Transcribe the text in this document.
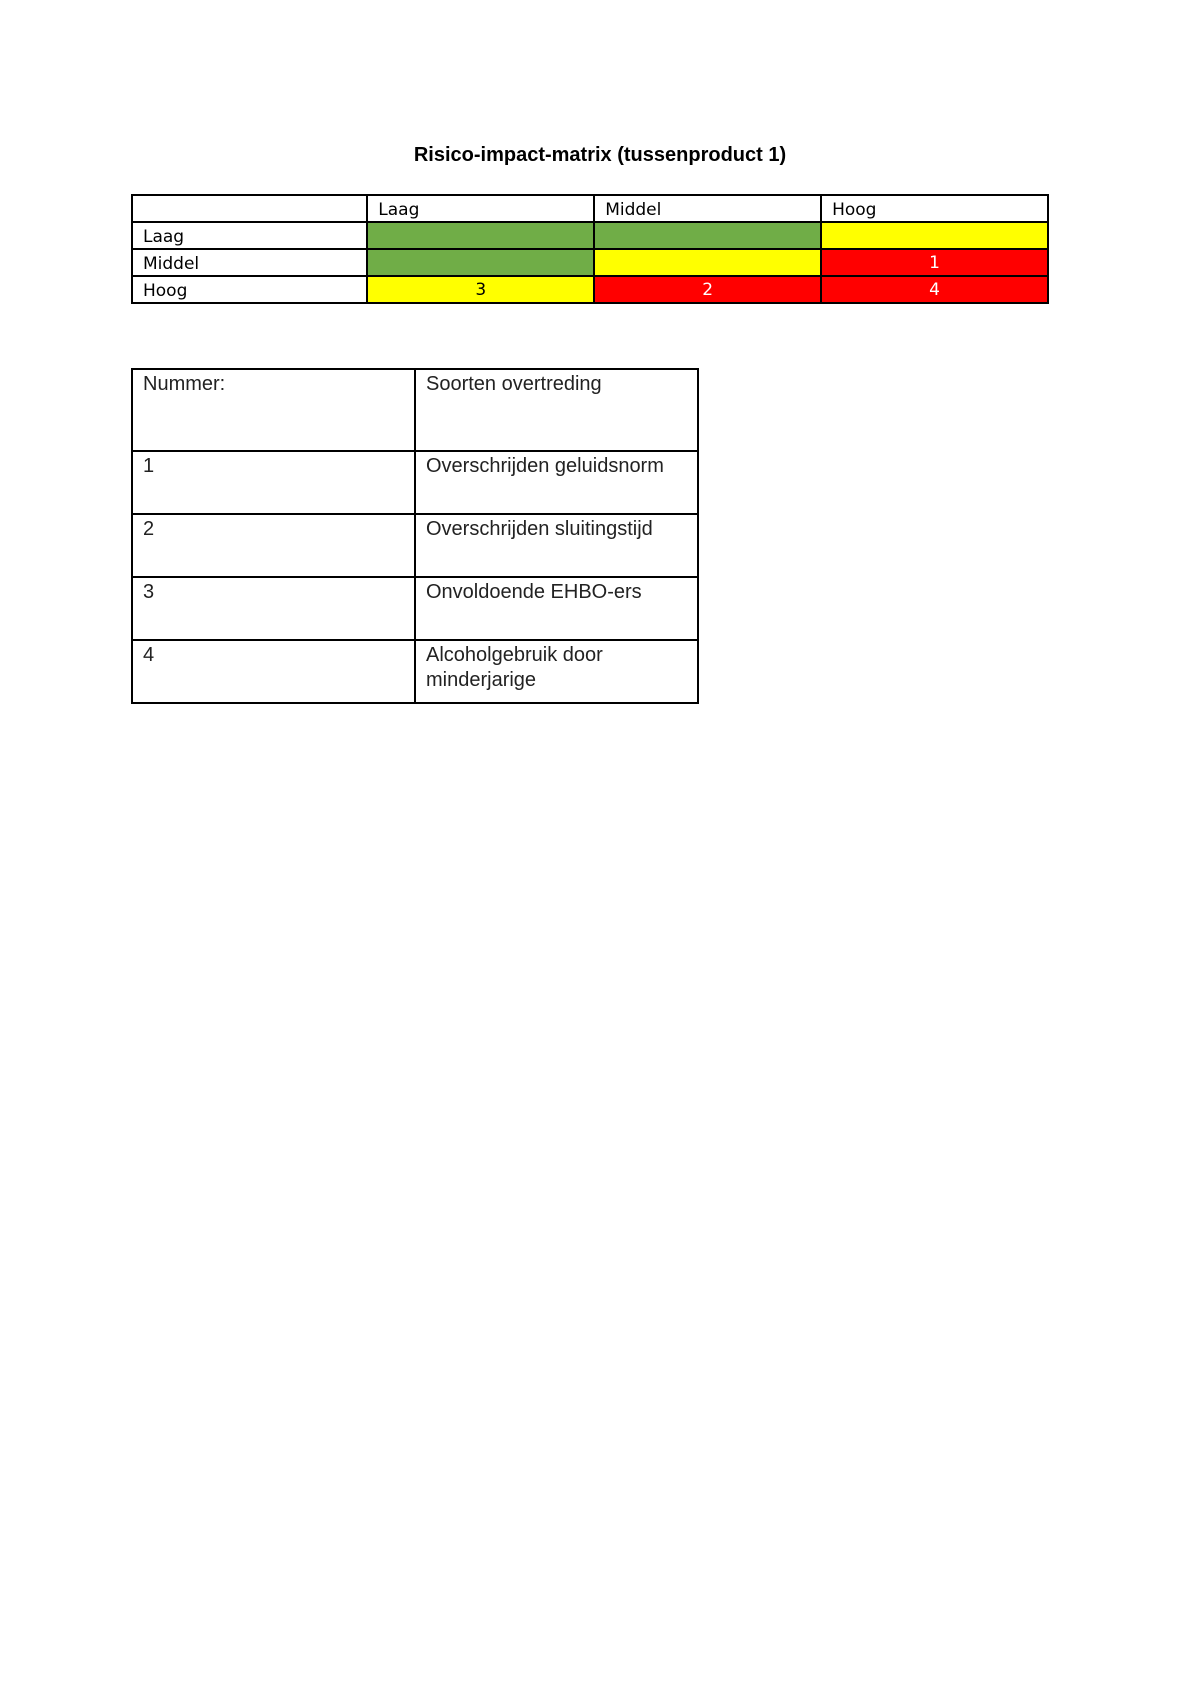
Risico-impact-matrix (tussenproduct 1)
	Laag	Middel	Hoog
Laag			
Middel			1
Hoog	3	2	4
Nummer:	Soorten overtreding
1	Overschrijden geluidsnorm
2	Overschrijden sluitingstijd
3	Onvoldoende EHBO-ers
4	Alcoholgebruik door minderjarige
